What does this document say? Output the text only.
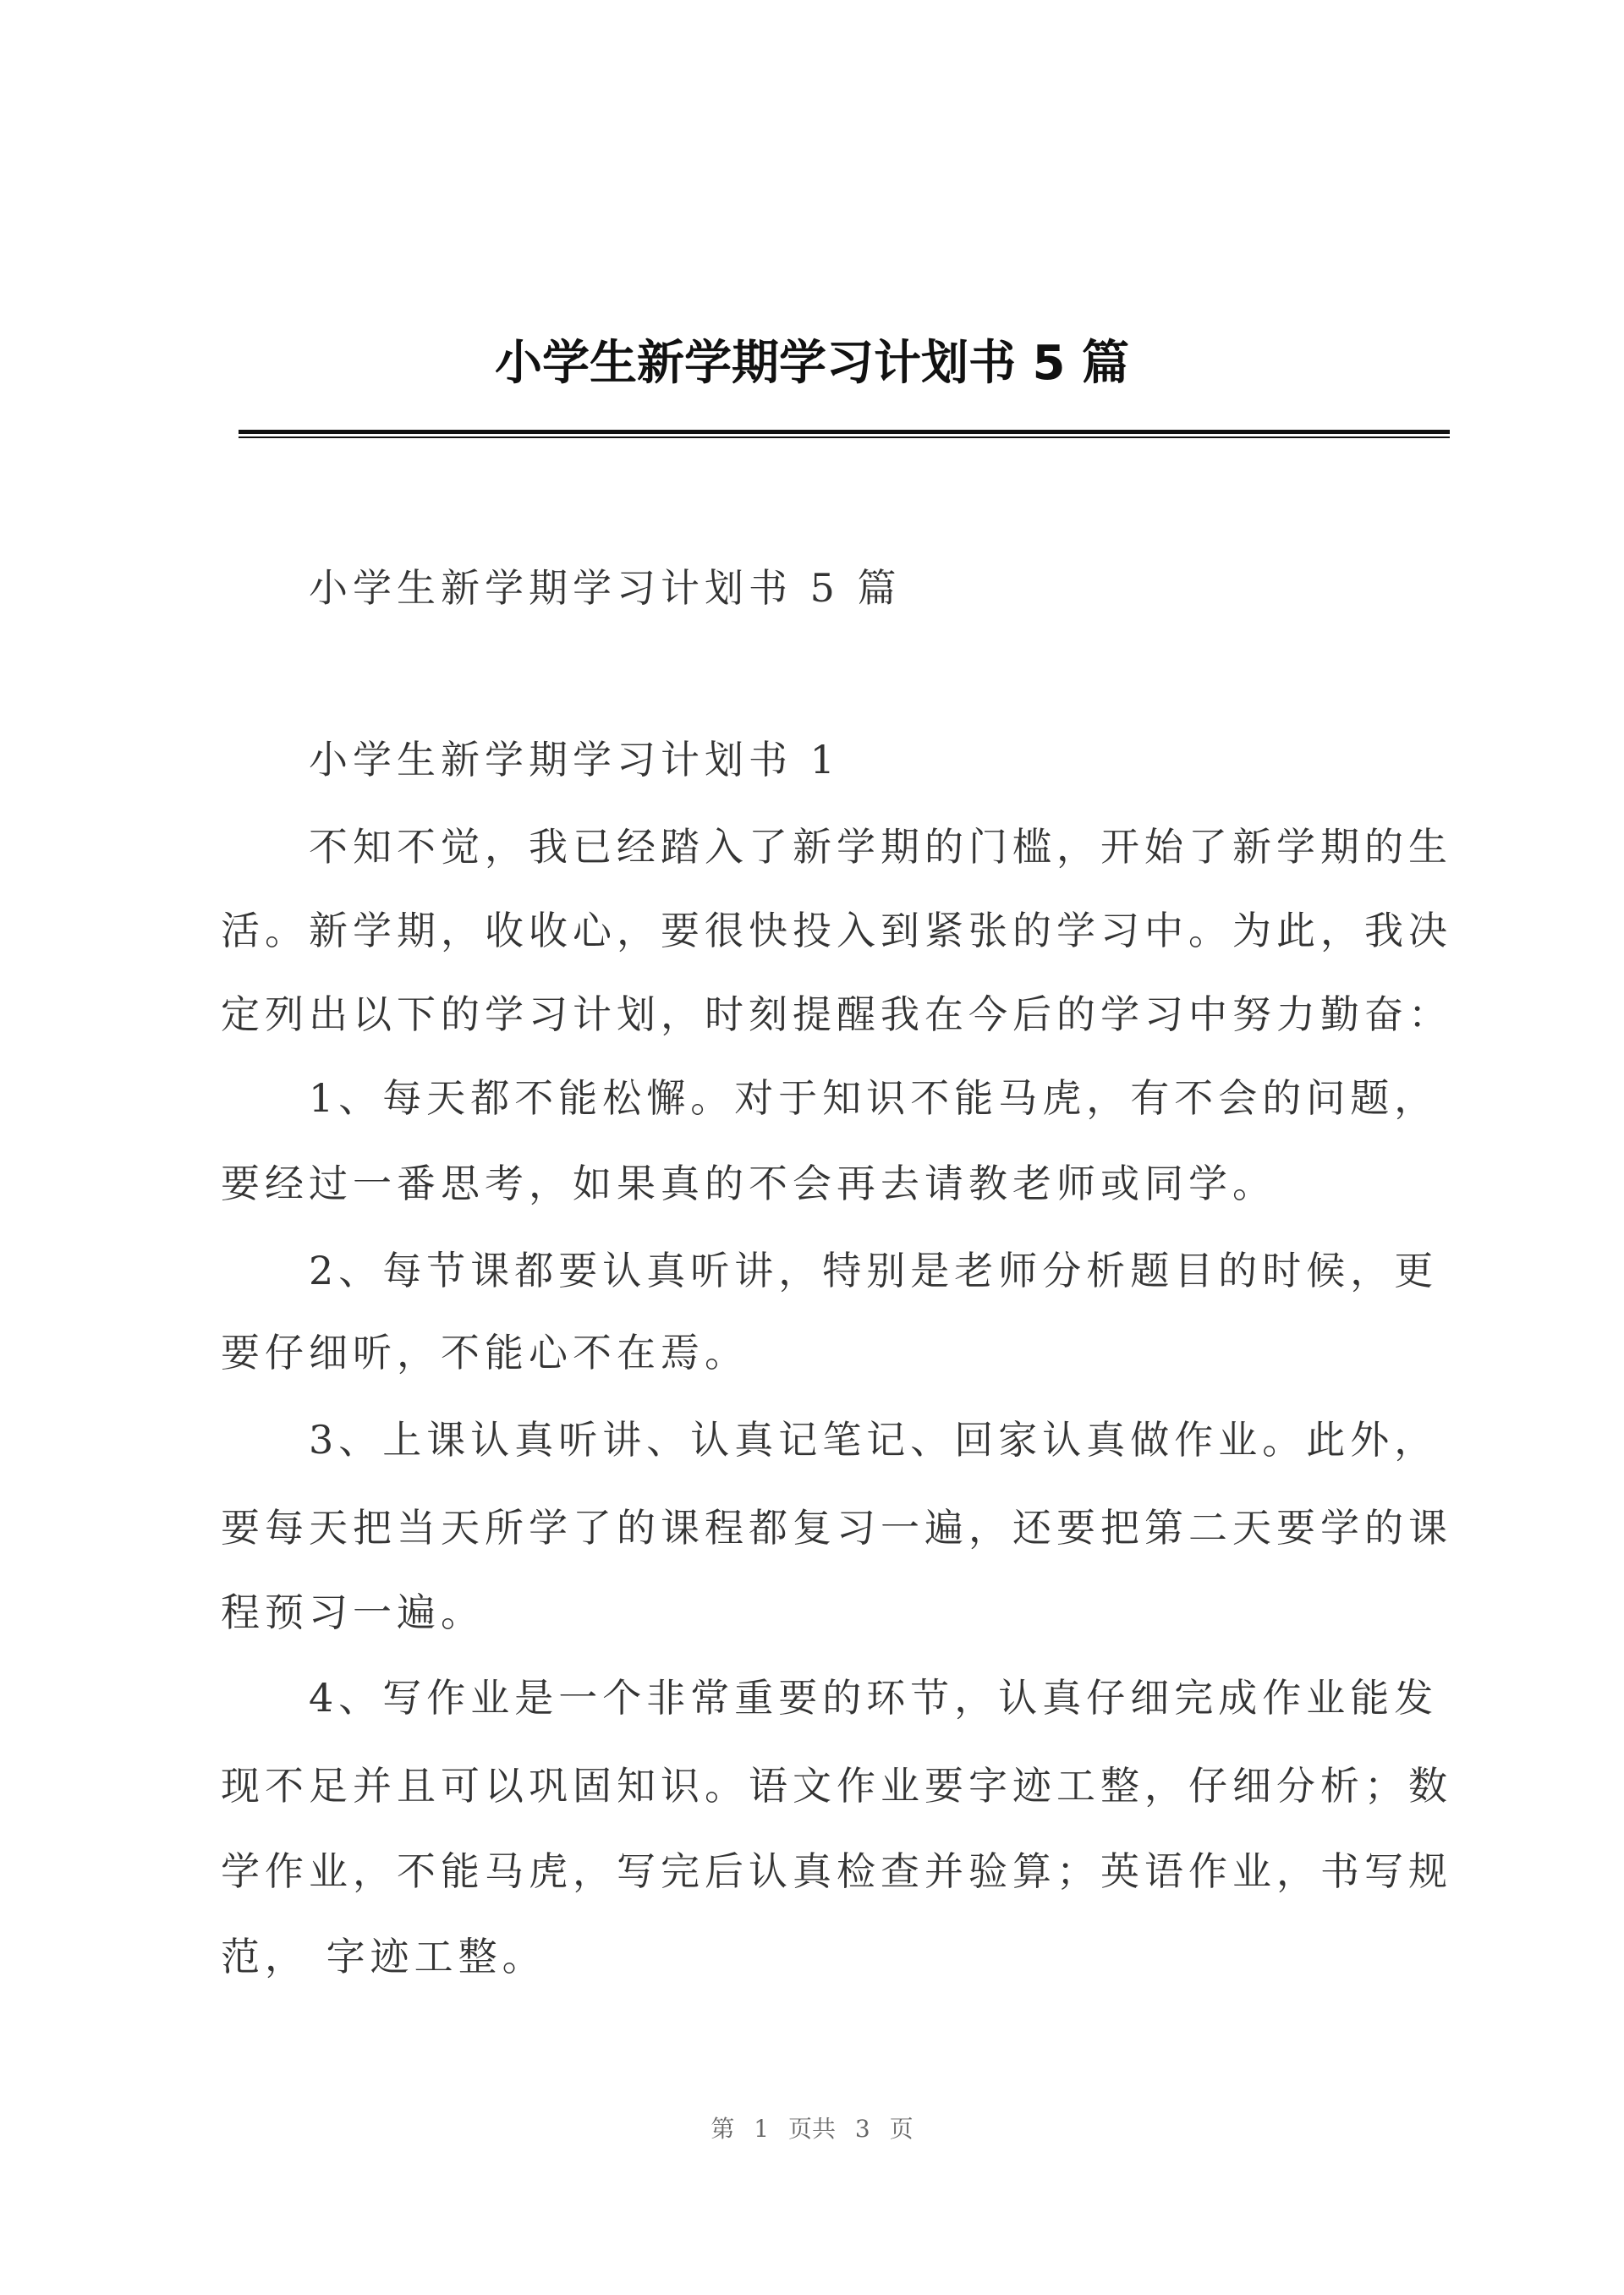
小学生新学期学习计划书 5 篇
　　小学生新学期学习计划书 5 篇
　　小学生新学期学习计划书 1
　　不知不觉，我已经踏入了新学期的门槛，开始了新学期的生
活。新学期，收收心，要很快投入到紧张的学习中。为此，我决
定列出以下的学习计划，时刻提醒我在今后的学习中努力勤奋：
　　1、每天都不能松懈。对于知识不能马虎，有不会的问题，
要经过一番思考，如果真的不会再去请教老师或同学。
　　2、每节课都要认真听讲，特别是老师分析题目的时候，更
要仔细听，不能心不在焉。
　　3、上课认真听讲、认真记笔记、回家认真做作业。此外，
要每天把当天所学了的课程都复习一遍，还要把第二天要学的课
程预习一遍。
　　4、写作业是一个非常重要的环节，认真仔细完成作业能发
现不足并且可以巩固知识。语文作业要字迹工整，仔细分析；数
学作业，不能马虎，写完后认真检查并验算；英语作业，书写规
范， 字迹工整。
第 1 页共 3 页
